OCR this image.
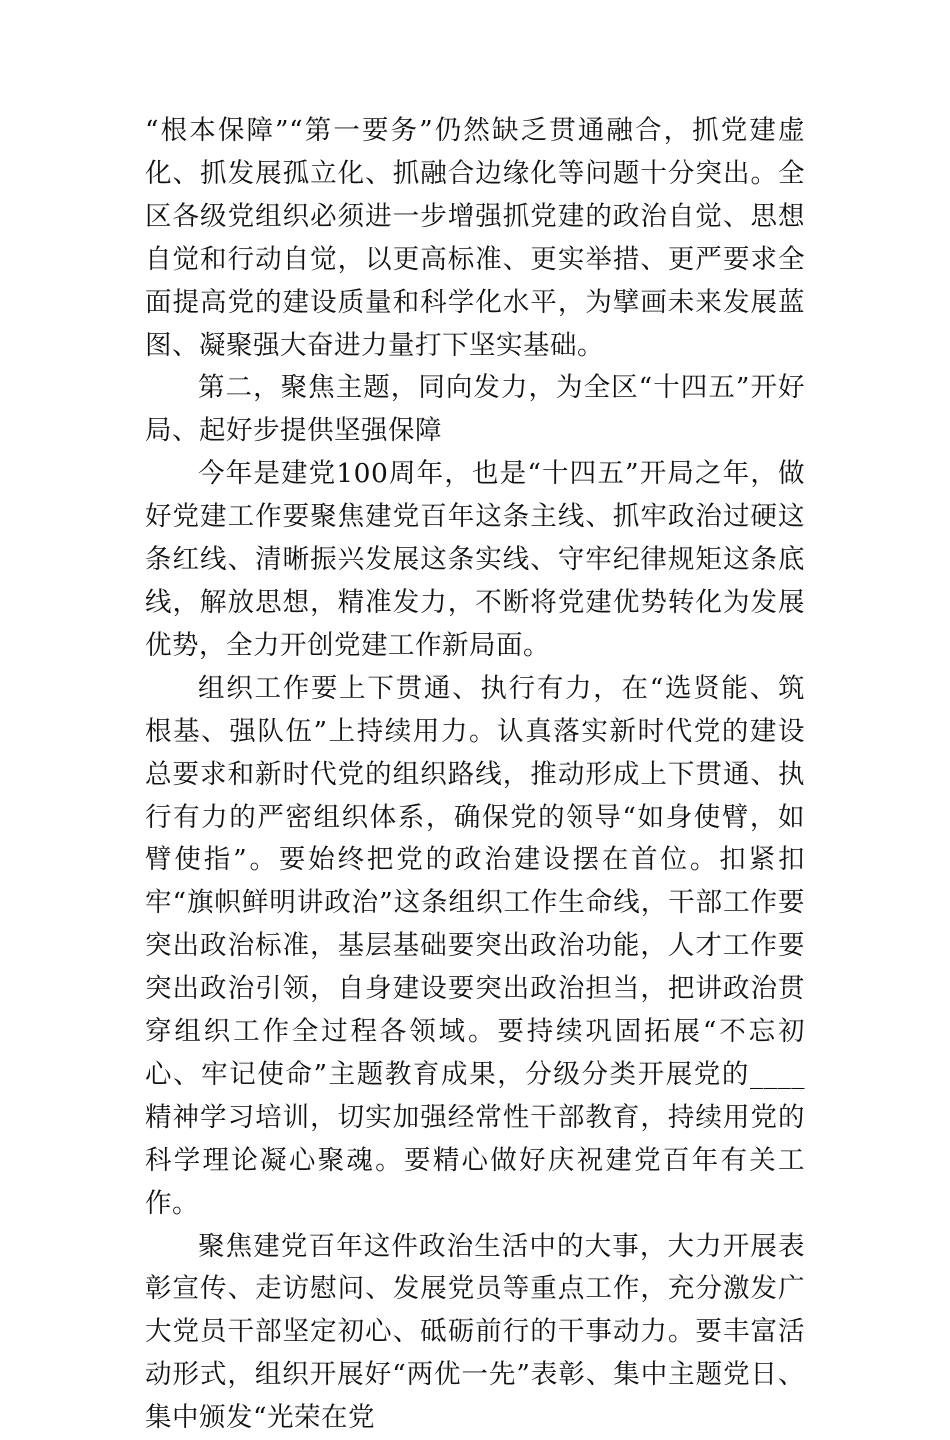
“根本保障”“第一要务”仍然缺乏贯通融合，抓党建虚化、抓发展孤立化、抓融合边缘化等问题十分突出。全区各级党组织必须进一步增强抓党建的政治自觉、思想自觉和行动自觉，以更高标准、更实举措、更严要求全面提高党的建设质量和科学化水平，为擘画未来发展蓝图、凝聚强大奋进力量打下坚实基础。

第二，聚焦主题，同向发力，为全区“十四五”开好局、起好步提供坚强保障

今年是建党100周年，也是“十四五”开局之年，做好党建工作要聚焦建党百年这条主线、抓牢政治过硬这条红线、清晰振兴发展这条实线、守牢纪律规矩这条底线，解放思想，精准发力，不断将党建优势转化为发展优势，全力开创党建工作新局面。

组织工作要上下贯通、执行有力，在“选贤能、筑根基、强队伍”上持续用力。认真落实新时代党的建设总要求和新时代党的组织路线，推动形成上下贯通、执行有力的严密组织体系，确保党的领导“如身使臂，如臂使指”。要始终把党的政治建设摆在首位。扣紧扣牢“旗帜鲜明讲政治”这条组织工作生命线，干部工作要突出政治标准，基层基础要突出政治功能，人才工作要突出政治引领，自身建设要突出政治担当，把讲政治贯穿组织工作全过程各领域。要持续巩固拓展“不忘初心、牢记使命”主题教育成果，分级分类开展党的____精神学习培训，切实加强经常性干部教育，持续用党的科学理论凝心聚魂。要精心做好庆祝建党百年有关工作。

聚焦建党百年这件政治生活中的大事，大力开展表彰宣传、走访慰问、发展党员等重点工作，充分激发广大党员干部坚定初心、砥砺前行的干事动力。要丰富活动形式，组织开展好“两优一先”表彰、集中主题党日、集中颁发“光荣在党
